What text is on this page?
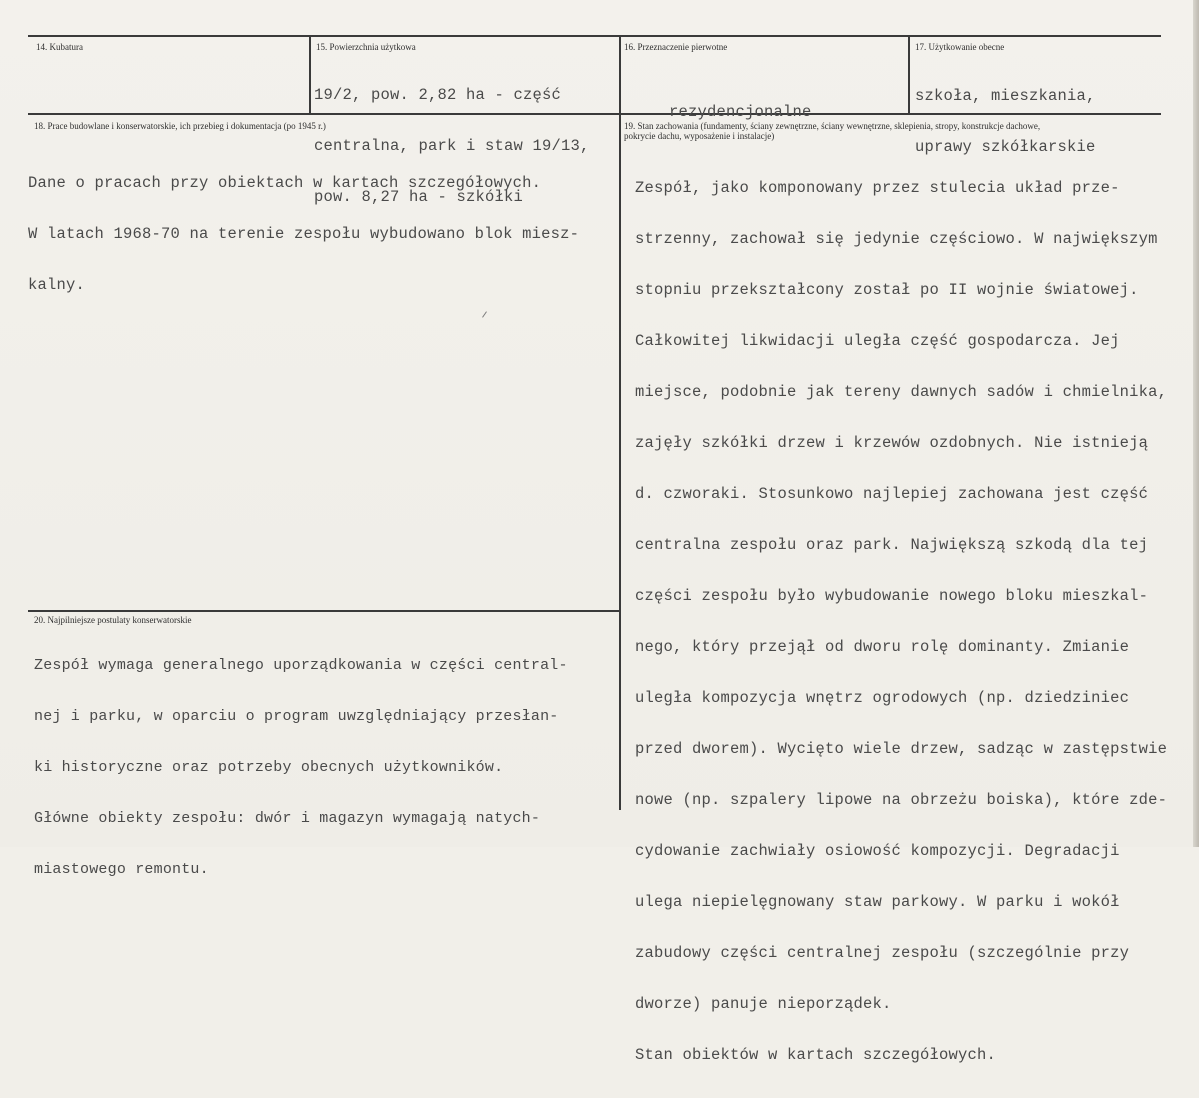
14. Kubatura	15. Powierzchnia użytkowa

19/2, pow. 2,82 ha - część

centralna, park i staw 19/13,

pow. 8,27 ha - szkółki

16. Przeznaczenie pierwotne

rezydencjonalne

17. Użytkowanie obecne

szkoła, mieszkania,

uprawy szkółkarskie

18. Prace budowlane i konserwatorskie, ich przebieg i dokumentacja (po 1945 r.)

Dane o pracach przy obiektach w kartach szczegółowych.

W latach 1968-70 na terenie zespołu wybudowano blok miesz-

kalny.

19. Stan zachowania (fundamenty, ściany zewnętrzne, ściany wewnętrzne, sklepienia, stropy, konstrukcje dachowe,
pokrycie dachu, wyposażenie i instalacje)

Zespół, jako komponowany przez stulecia układ prze-

strzenny, zachował się jedynie częściowo. W największym

stopniu przekształcony został po II wojnie światowej.

Całkowitej likwidacji uległa część gospodarcza. Jej

miejsce, podobnie jak tereny dawnych sadów i chmielnika,

zajęły szkółki drzew i krzewów ozdobnych. Nie istnieją

d. czworaki. Stosunkowo najlepiej zachowana jest część

centralna zespołu oraz park. Największą szkodą dla tej

części zespołu było wybudowanie nowego bloku mieszkal-

nego, który przejął od dworu rolę dominanty. Zmianie

uległa kompozycja wnętrz ogrodowych (np. dziedziniec

przed dworem). Wycięto wiele drzew, sadząc w zastępstwie

nowe (np. szpalery lipowe na obrzeżu boiska), które zde-

cydowanie zachwiały osiowość kompozycji. Degradacji

ulega niepielęgnowany staw parkowy. W parku i wokół

zabudowy części centralnej zespołu (szczególnie przy

dworze) panuje nieporządek.

Stan obiektów w kartach szczegółowych.

20. Najpilniejsze postulaty konserwatorskie

Zespół wymaga generalnego uporządkowania w części central-

nej i parku, w oparciu o program uwzględniający przesłan-

ki historyczne oraz potrzeby obecnych użytkowników.

Główne obiekty zespołu: dwór i magazyn wymagają natych-

miastowego remontu.
